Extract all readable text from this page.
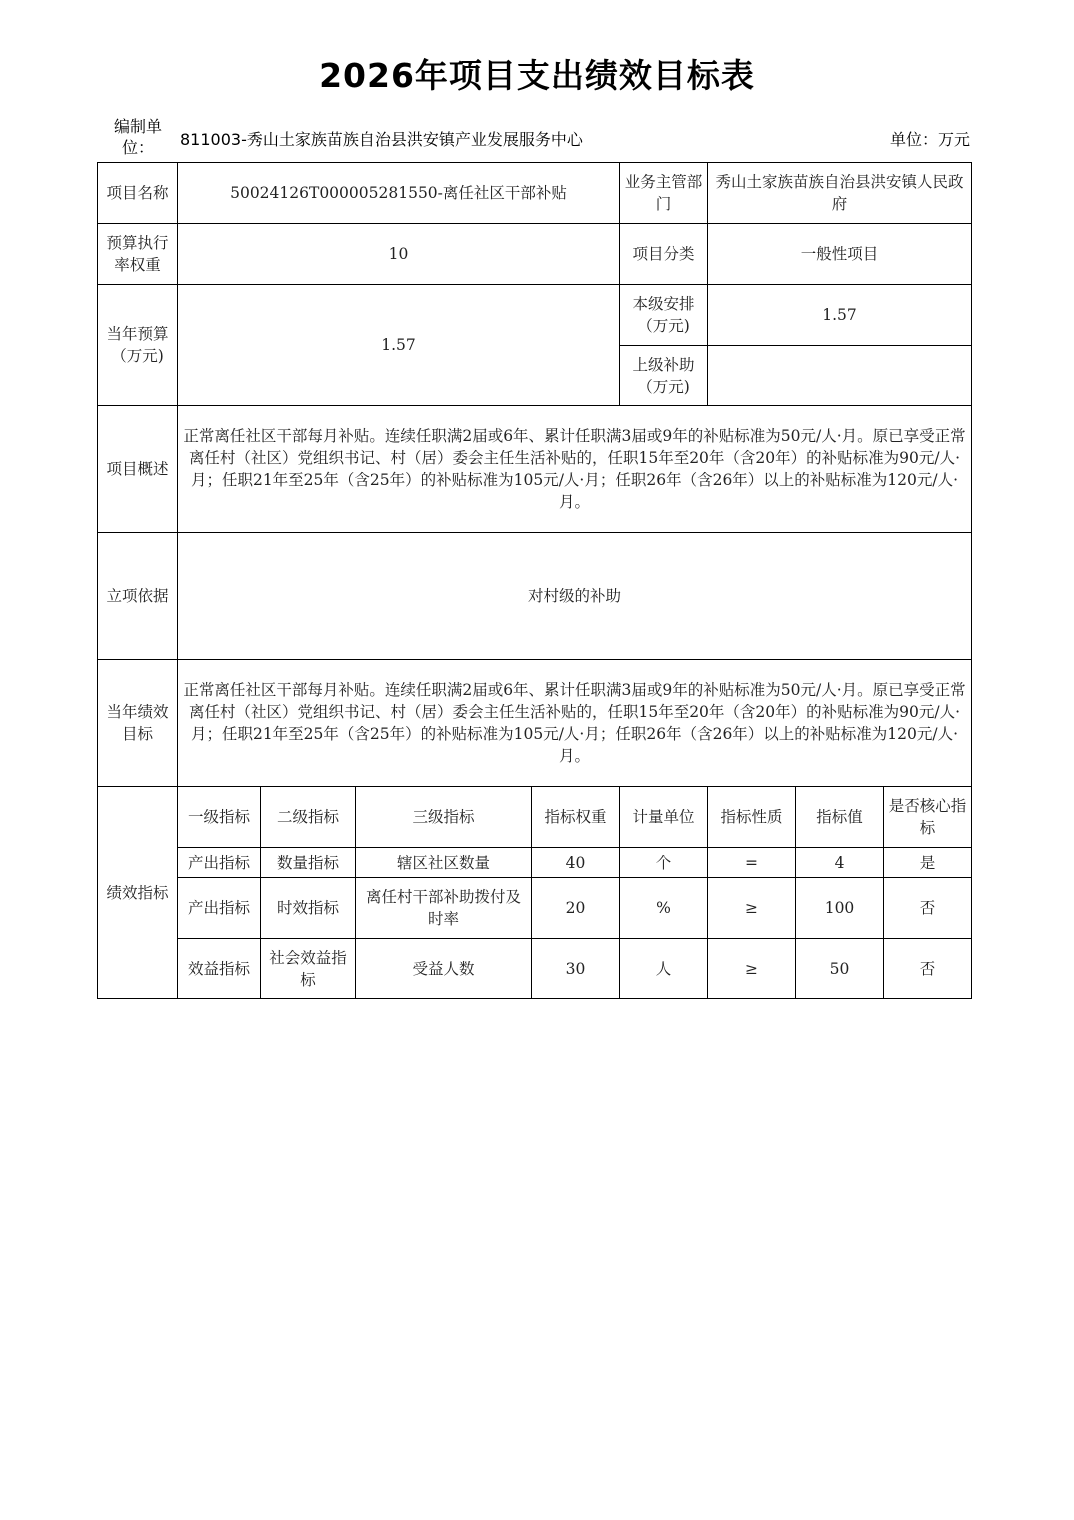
2026年项目支出绩效目标表
编制单位：	811003-秀山土家族苗族自治县洪安镇产业发展服务中心	单位：万元
项目名称	50024126T000005281550-离任社区干部补贴				业务主管部门	秀山土家族苗族自治县洪安镇人民政府		
预算执行率权重	10				项目分类	一般性项目		
当年预算（万元)	1.57				本级安排（万元)	1.57		
					上级补助（万元)			
项目概述	正常离任社区干部每月补贴。连续任职满2届或6年、累计任职满3届或9年的补贴标准为50元/人·月。原已享受正常离任村（社区）党组织书记、村（居）委会主任生活补贴的，任职15年至20年（含20年）的补贴标准为90元/人·月；任职21年至25年（含25年）的补贴标准为105元/人·月；任职26年（含26年）以上的补贴标准为120元/人·月。							
立项依据	对村级的补助							
当年绩效目标	正常离任社区干部每月补贴。连续任职满2届或6年、累计任职满3届或9年的补贴标准为50元/人·月。原已享受正常离任村（社区）党组织书记、村（居）委会主任生活补贴的，任职15年至20年（含20年）的补贴标准为90元/人·月；任职21年至25年（含25年）的补贴标准为105元/人·月；任职26年（含26年）以上的补贴标准为120元/人·月。							
绩效指标	一级指标	二级指标	三级指标	指标权重	计量单位	指标性质	指标值	是否核心指标
	产出指标	数量指标	辖区社区数量	40	个	=	4	是
	产出指标	时效指标	离任村干部补助拨付及时率	20	%	≥	100	否
	效益指标	社会效益指标	受益人数	30	人	≥	50	否
